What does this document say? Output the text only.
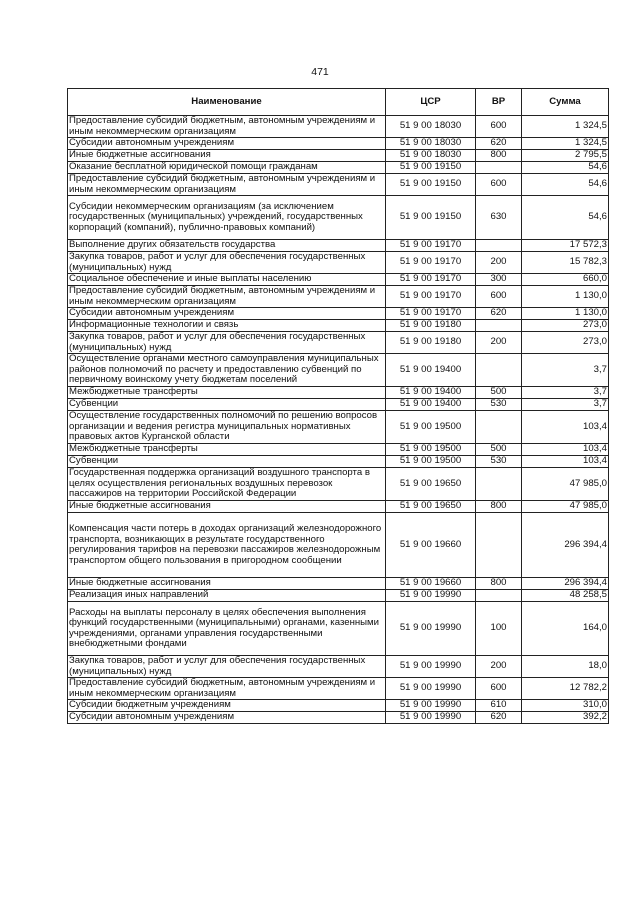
471
Наименование	ЦСР	ВР	Сумма
Предоставление субсидий бюджетным, автономным учреждениям и иным некоммерческим организациям	51 9 00 18030	600	1 324,5
Субсидии автономным учреждениям	51 9 00 18030	620	1 324,5
Иные бюджетные ассигнования	51 9 00 18030	800	2 795,5
Оказание бесплатной юридической помощи гражданам	51 9 00 19150		54,6
Предоставление субсидий бюджетным, автономным учреждениям и иным некоммерческим организациям	51 9 00 19150	600	54,6
Субсидии некоммерческим организациям (за исключением государственных (муниципальных) учреждений, государственных корпораций (компаний), публично-правовых компаний)	51 9 00 19150	630	54,6
Выполнение других обязательств государства	51 9 00 19170		17 572,3
Закупка товаров, работ и услуг для обеспечения государственных (муниципальных) нужд	51 9 00 19170	200	15 782,3
Социальное обеспечение и иные выплаты населению	51 9 00 19170	300	660,0
Предоставление субсидий бюджетным, автономным учреждениям и иным некоммерческим организациям	51 9 00 19170	600	1 130,0
Субсидии автономным учреждениям	51 9 00 19170	620	1 130,0
Информационные технологии и связь	51 9 00 19180		273,0
Закупка товаров, работ и услуг для обеспечения государственных (муниципальных) нужд	51 9 00 19180	200	273,0
Осуществление органами местного самоуправления муниципальных районов полномочий по расчету и предоставлению субвенций по первичному воинскому учету бюджетам поселений	51 9 00 19400		3,7
Межбюджетные трансферты	51 9 00 19400	500	3,7
Субвенции	51 9 00 19400	530	3,7
Осуществление государственных полномочий по решению вопросов организации и ведения регистра муниципальных нормативных правовых актов Курганской области	51 9 00 19500		103,4
Межбюджетные трансферты	51 9 00 19500	500	103,4
Субвенции	51 9 00 19500	530	103,4
Государственная поддержка организаций воздушного транспорта в целях осуществления региональных воздушных перевозок пассажиров на территории Российской Федерации	51 9 00 19650		47 985,0
Иные бюджетные ассигнования	51 9 00 19650	800	47 985,0
Компенсация части потерь в доходах организаций железнодорожного транспорта, возникающих в результате государственного регулирования тарифов на перевозки пассажиров железнодорожным транспортом общего пользования в пригородном сообщении	51 9 00 19660		296 394,4
Иные бюджетные ассигнования	51 9 00 19660	800	296 394,4
Реализация иных направлений	51 9 00 19990		48 258,5
Расходы на выплаты персоналу в целях обеспечения выполнения функций государственными (муниципальными) органами, казенными учреждениями, органами управления государственными внебюджетными фондами	51 9 00 19990	100	164,0
Закупка товаров, работ и услуг для обеспечения государственных (муниципальных) нужд	51 9 00 19990	200	18,0
Предоставление субсидий бюджетным, автономным учреждениям и иным некоммерческим организациям	51 9 00 19990	600	12 782,2
Субсидии бюджетным учреждениям	51 9 00 19990	610	310,0
Субсидии автономным учреждениям	51 9 00 19990	620	392,2
